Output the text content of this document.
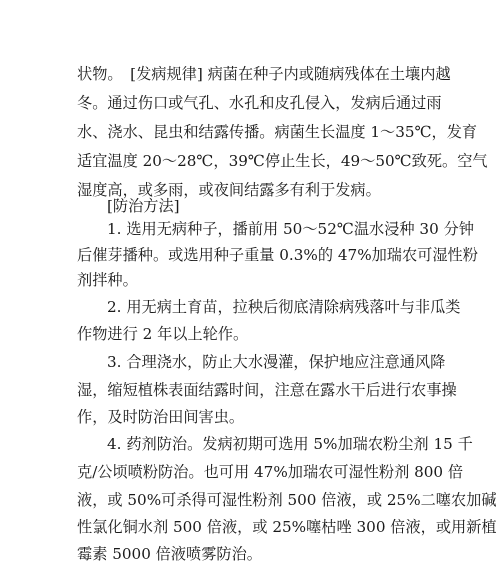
状物。　[发病规律] 病菌在种子内或随病残体在土壤内越
冬。通过伤口或气孔、水孔和皮孔侵入，发病后通过雨
水、浇水、昆虫和结露传播。病菌生长温度 1～35℃，发育
适宜温度 20～28℃，39℃停止生长，49～50℃致死。空气
湿度高，或多雨，或夜间结露多有利于发病。
[防治方法]
1. 选用无病种子，播前用 50～52℃温水浸种 30 分钟
后催芽播种。或选用种子重量 0.3%的 47%加瑞农可湿性粉
剂拌种。
2. 用无病土育苗，拉秧后彻底清除病残落叶与非瓜类
作物进行 2 年以上轮作。
3. 合理浇水，防止大水漫灌，保护地应注意通风降
湿，缩短植株表面结露时间，注意在露水干后进行农事操
作，及时防治田间害虫。
4. 药剂防治。发病初期可选用 5%加瑞农粉尘剂 15 千
克/公顷喷粉防治。也可用 47%加瑞农可湿性粉剂 800 倍
液，或 50%可杀得可湿性粉剂 500 倍液，或 25%二噻农加碱
性氯化铜水剂 500 倍液，或 25%噻枯唑 300 倍液，或用新植
霉素 5000 倍液喷雾防治。
